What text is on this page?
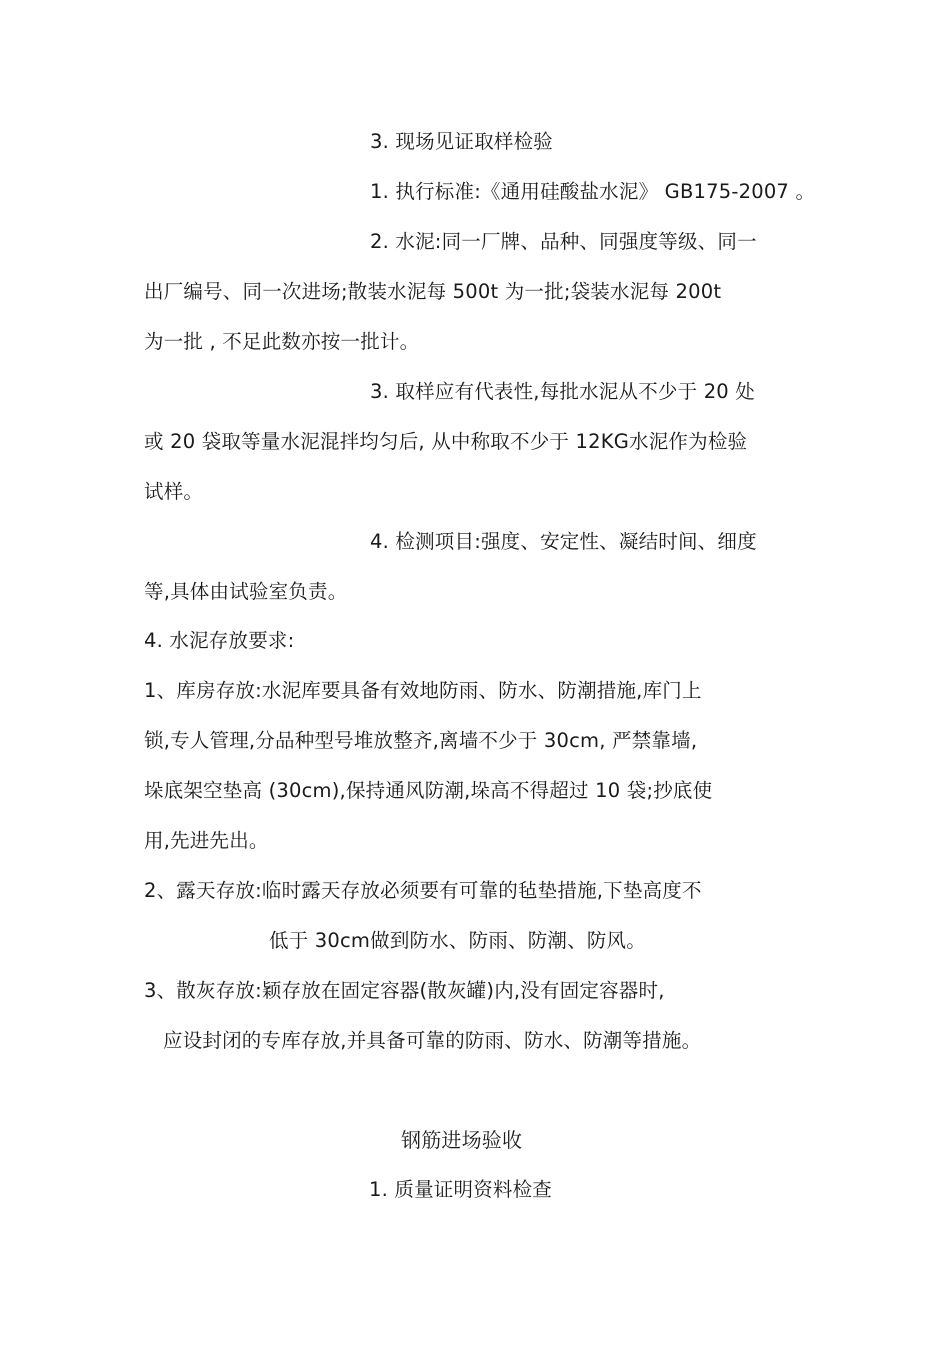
3. 现场见证取样检验
1. 执行标准:《通用硅酸盐水泥》 GB175-2007 。
2. 水泥:同一厂牌、品种、同强度等级、同一
出厂编号、同一次进场;散装水泥每 500t 为一批;袋装水泥每 200t
为一批 , 不足此数亦按一批计。
3. 取样应有代表性,每批水泥从不少于 20 处
或 20 袋取等量水泥混拌均匀后, 从中称取不少于 12KG水泥作为检验
试样。
4. 检测项目:强度、安定性、凝结时间、细度
等,具体由试验室负责。
4. 水泥存放要求:
1、库房存放:水泥库要具备有效地防雨、防水、防潮措施,库门上
锁,专人管理,分品种型号堆放整齐,离墙不少于 30cm, 严禁靠墙,
垛底架空垫高 (30cm),保持通风防潮,垛高不得超过 10 袋;抄底使
用,先进先出。
2、露天存放:临时露天存放必须要有可靠的毡垫措施,下垫高度不
低于 30cm做到防水、防雨、防潮、防风。
3、散灰存放:颖存放在固定容器(散灰罐)内,没有固定容器时,
应设封闭的专库存放,并具备可靠的防雨、防水、防潮等措施。
钢筋进场验收
1. 质量证明资料检查
